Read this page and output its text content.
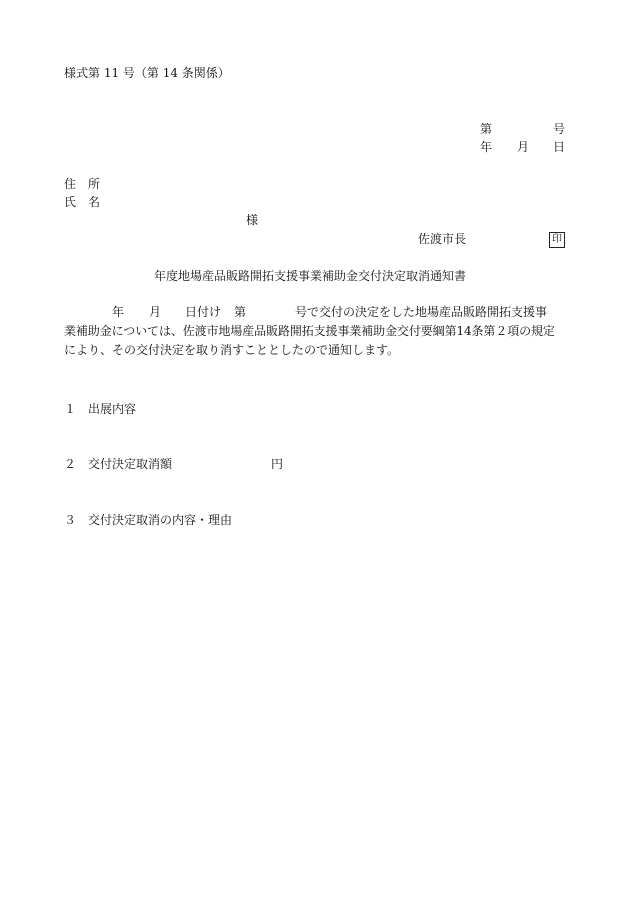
様式第 11 号（第 14 条関係）
第	号
年 月 日
住　所
氏　名
様
佐渡市長	印
年度地場産品販路開拓支援事業補助金交付決定取消通知書
年 月 日付け 第	号で交付の決定をした地場産品販路開拓支援事
業補助金については、佐渡市地場産品販路開拓支援事業補助金交付要綱第14条第２項の規定
により、その交付決定を取り消すこととしたので通知します。
１ 出展内容
２ 交付決定取消額	円
３ 交付決定取消の内容・理由
